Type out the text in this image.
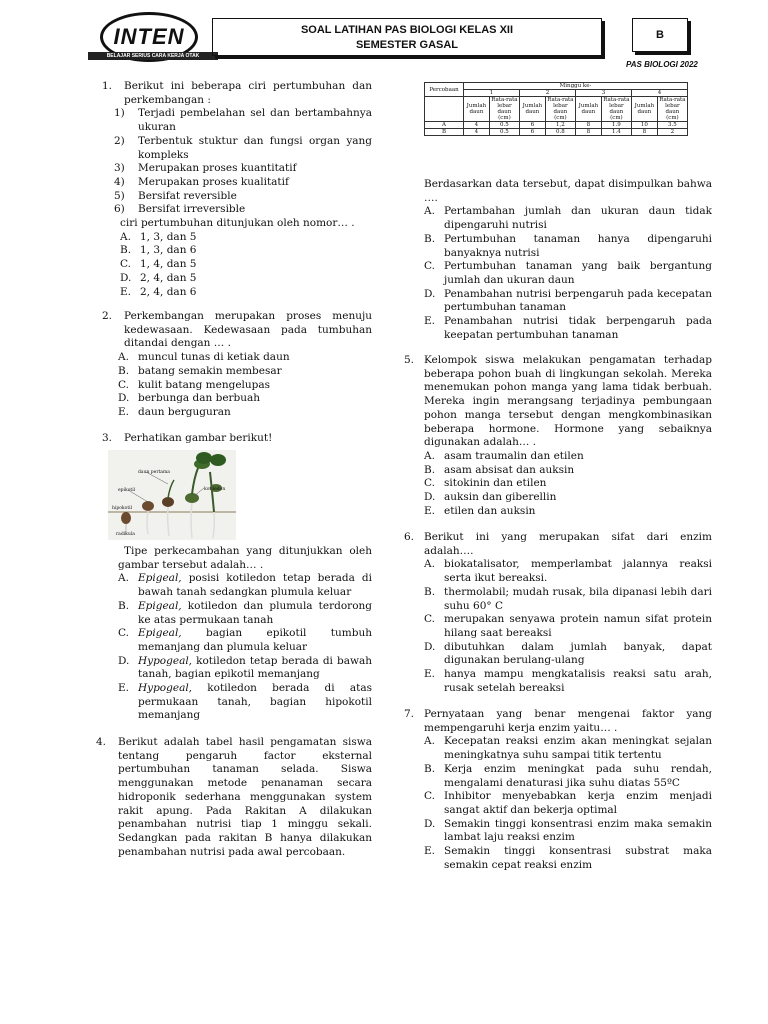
INTEN
BELAJAR SERIUS CARA KERJA OTAK
SOAL LATIHAN PAS BIOLOGI KELAS XII
SEMESTER GASAL
B
PAS BIOLOGI 2022
1.	Berikut ini beberapa ciri pertumbuhan dan perkembangan :
1) Terjadi pembelahan sel dan bertambahnya ukuran
2) Terbentuk stuktur dan fungsi organ yang kompleks
3) Merupakan proses kuantitatif
4) Merupakan proses kualitatif
5) Bersifat reversible
6) Bersifat irreversible
ciri pertumbuhan ditunjukan oleh nomor… .
A. 1, 3, dan 5
B. 1, 3, dan 6
C. 1, 4, dan 5
D. 2, 4, dan 5
E. 2, 4, dan 6
2.	Perkembangan merupakan proses menuju kedewasaan. Kedewasaan pada tumbuhan ditandai dengan … .
A. muncul tunas di ketiak daun
B. batang semakin membesar
C. kulit batang mengelupas
D. berbunga dan berbuah
E. daun berguguran
3.	Perhatikan gambar berikut!
daun pertama
epikotil	kotiledon
hipokotil
radikula
Tipe perkecambahan yang ditunjukkan oleh gambar tersebut adalah… .
A. Epigeal, posisi kotiledon tetap berada di bawah tanah sedangkan plumula keluar
B. Epigeal, kotiledon dan plumula terdorong ke atas permukaan tanah
C. Epigeal, bagian epikotil tumbuh memanjang dan plumula keluar
D. Hypogeal, kotiledon tetap berada di bawah tanah, bagian epikotil memanjang
E. Hypogeal, kotiledon berada di atas permukaan tanah, bagian hipokotil memanjang
4.	Berikut adalah tabel hasil pengamatan siswa tentang pengaruh factor eksternal pertumbuhan tanaman selada. Siswa menggunakan metode penanaman secara hidroponik sederhana menggunakan system rakit apung. Pada Rakitan A dilakukan penambahan nutrisi tiap 1 minggu sekali. Sedangkan pada rakitan B hanya dilakukan penambahan nutrisi pada awal percobaan.
Percobaan	Minggu ke-							
	1		2		3		4	
	Jumlah daun	Rata-rata lebar daun (cm)	Jumlah daun	Rata-rata lebar daun (cm)	Jumlah daun	Rata-rata lebar daun (cm)	Jumlah daun	Rata-rata lebar daun (cm)
A	4	0.5	6	1,2	8	1.9	10	3.5
B	4	0.5	6	0.8	8	1.4	8	2
Berdasarkan data tersebut, dapat disimpulkan bahwa ….
A. Pertambahan jumlah dan ukuran daun tidak dipengaruhi nutrisi
B. Pertumbuhan tanaman hanya dipengaruhi banyaknya nutrisi
C. Pertumbuhan tanaman yang baik bergantung jumlah dan ukuran daun
D. Penambahan nutrisi berpengaruh pada kecepatan pertumbuhan tanaman
E. Penambahan nutrisi tidak berpengaruh pada keepatan pertumbuhan tanaman
5. Kelompok siswa melakukan pengamatan terhadap beberapa pohon buah di lingkungan sekolah. Mereka menemukan pohon manga yang lama tidak berbuah. Mereka ingin merangsang terjadinya pembungaan pohon manga tersebut dengan mengkombinasikan beberapa hormone. Hormone yang sebaiknya digunakan adalah… .
A. asam traumalin dan etilen
B. asam absisat dan auksin
C. sitokinin dan etilen
D. auksin dan giberellin
E. etilen dan auksin
6. Berikut ini yang merupakan sifat dari enzim adalah….
A. biokatalisator, memperlambat jalannya reaksi serta ikut bereaksi.
B. thermolabil; mudah rusak, bila dipanasi lebih dari suhu 60° C
C. merupakan senyawa protein namun sifat protein hilang saat bereaksi
D. dibutuhkan dalam jumlah banyak, dapat digunakan berulang-ulang
E. hanya mampu mengkatalisis reaksi satu arah, rusak setelah bereaksi
7. Pernyataan yang benar mengenai faktor yang mempengaruhi kerja enzim yaitu… .
A. Kecepatan reaksi enzim akan meningkat sejalan meningkatnya suhu sampai titik tertentu
B. Kerja enzim meningkat pada suhu rendah, mengalami denaturasi jika suhu diatas 55ºC
C. Inhibitor menyebabkan kerja enzim menjadi sangat aktif dan bekerja optimal
D. Semakin tinggi konsentrasi enzim maka semakin lambat laju reaksi enzim
E. Semakin tinggi konsentrasi substrat maka semakin cepat reaksi enzim
